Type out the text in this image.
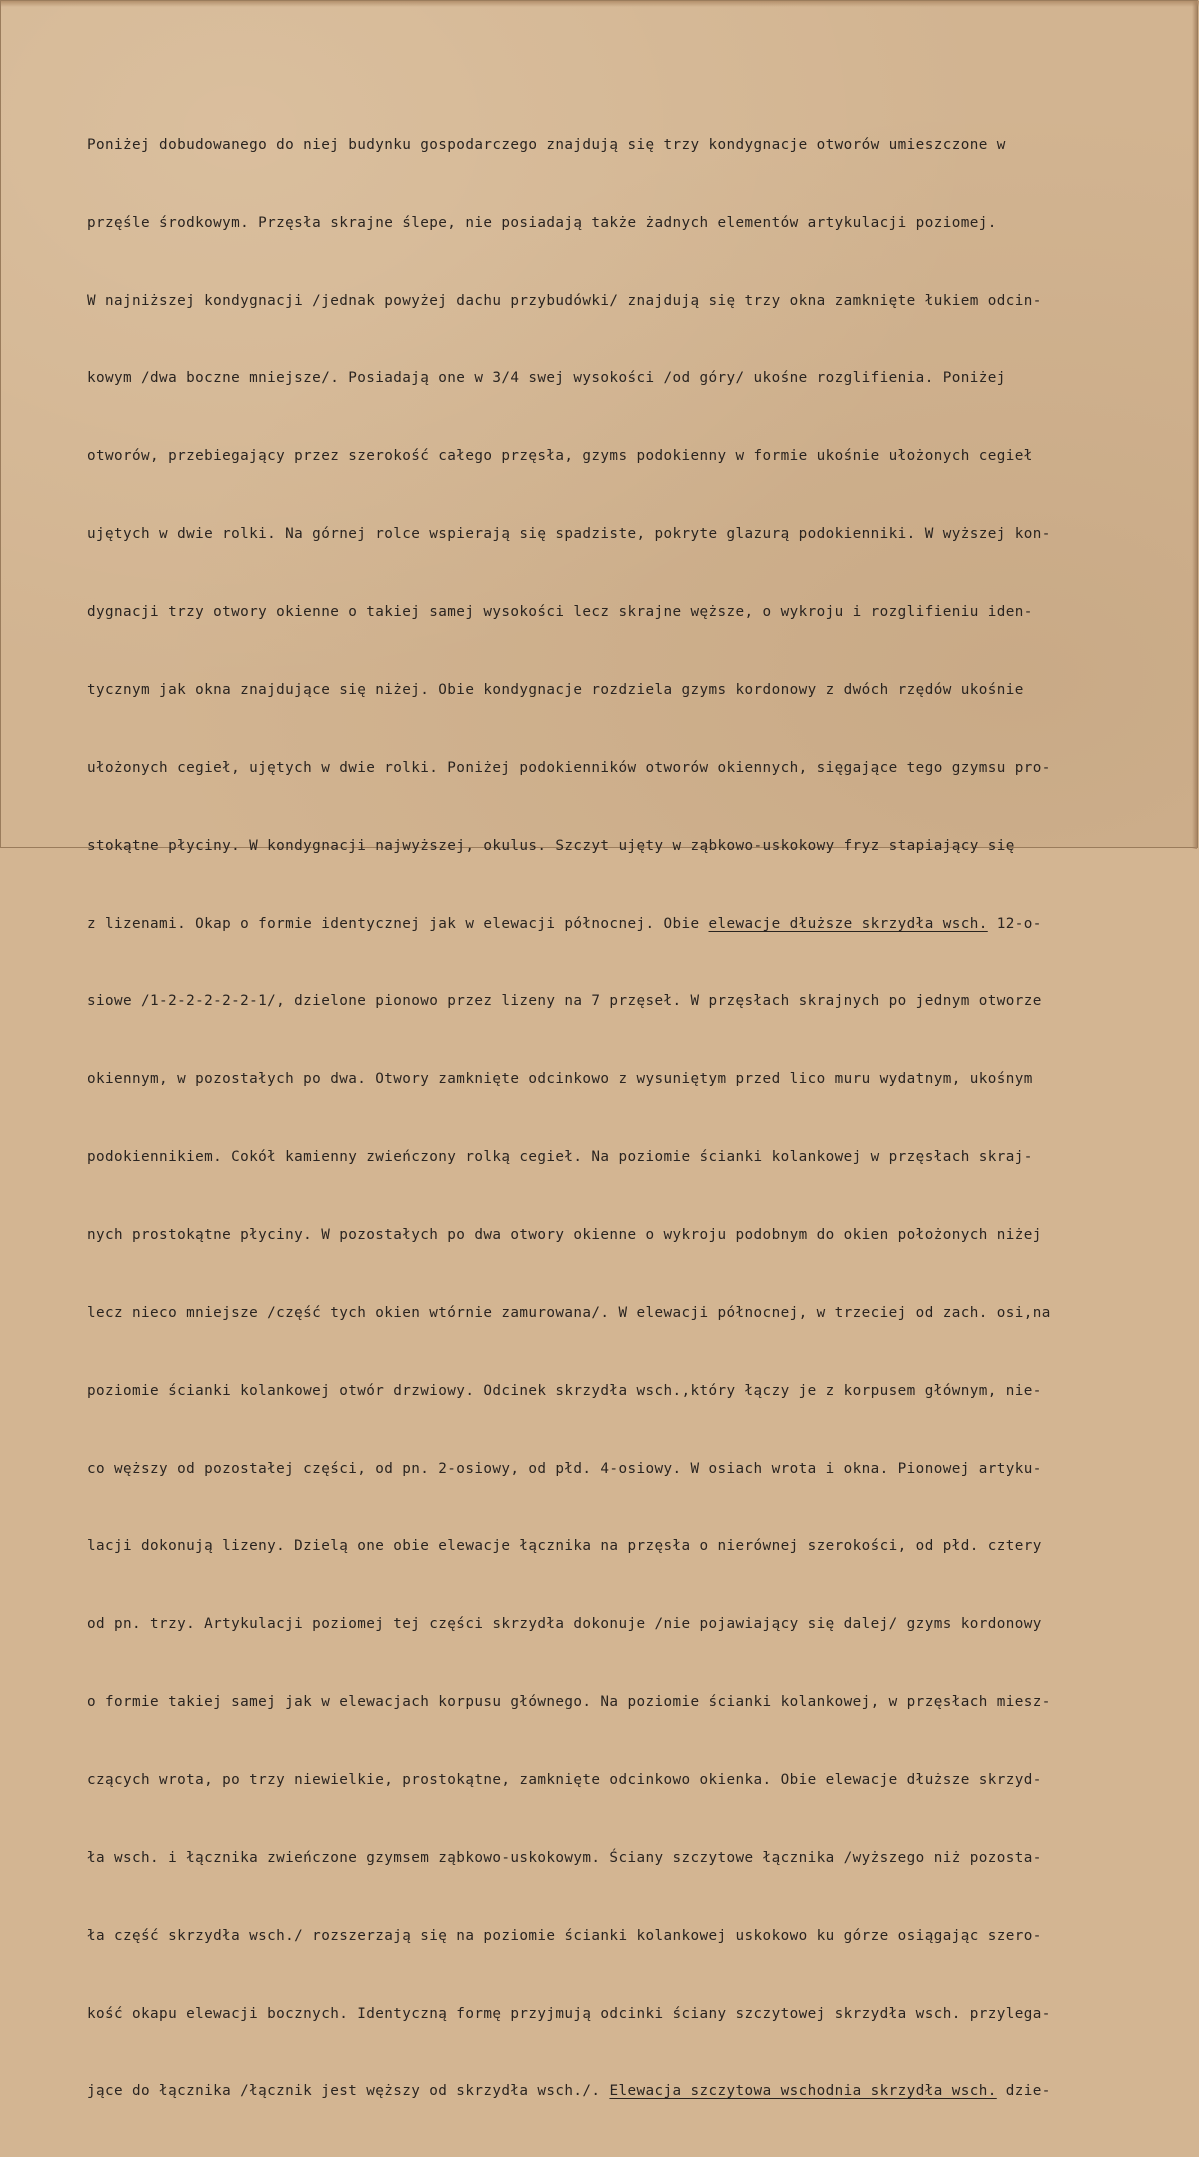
Poniżej dobudowanego do niej budynku gospodarczego znajdują się trzy kondygnacje otworów umieszczone w

przęśle środkowym. Przęsła skrajne ślepe, nie posiadają także żadnych elementów artykulacji poziomej.

W najniższej kondygnacji /jednak powyżej dachu przybudówki/ znajdują się trzy okna zamknięte łukiem odcin-

kowym /dwa boczne mniejsze/. Posiadają one w 3/4 swej wysokości /od góry/ ukośne rozglifienia. Poniżej

otworów, przebiegający przez szerokość całego przęsła, gzyms podokienny w formie ukośnie ułożonych cegieł

ujętych w dwie rolki. Na górnej rolce wspierają się spadziste, pokryte glazurą podokienniki. W wyższej kon-

dygnacji trzy otwory okienne o takiej samej wysokości lecz skrajne węższe, o wykroju i rozglifieniu iden-

tycznym jak okna znajdujące się niżej. Obie kondygnacje rozdziela gzyms kordonowy z dwóch rzędów ukośnie

ułożonych cegieł, ujętych w dwie rolki. Poniżej podokienników otworów okiennych, sięgające tego gzymsu pro-

stokątne płyciny. W kondygnacji najwyższej, okulus. Szczyt ujęty w ząbkowo-uskokowy fryz stapiający się

z lizenami. Okap o formie identycznej jak w elewacji północnej. Obie elewacje dłuższe skrzydła wsch. 12-o-

siowe /1-2-2-2-2-2-1/, dzielone pionowo przez lizeny na 7 przęseł. W przęsłach skrajnych po jednym otworze

okiennym, w pozostałych po dwa. Otwory zamknięte odcinkowo z wysuniętym przed lico muru wydatnym, ukośnym

podokiennikiem. Cokół kamienny zwieńczony rolką cegieł. Na poziomie ścianki kolankowej w przęsłach skraj-

nych prostokątne płyciny. W pozostałych po dwa otwory okienne o wykroju podobnym do okien położonych niżej

lecz nieco mniejsze /część tych okien wtórnie zamurowana/. W elewacji północnej, w trzeciej od zach. osi,na

poziomie ścianki kolankowej otwór drzwiowy. Odcinek skrzydła wsch.,który łączy je z korpusem głównym, nie-

co węższy od pozostałej części, od pn. 2-osiowy, od płd. 4-osiowy. W osiach wrota i okna. Pionowej artyku-

lacji dokonują lizeny. Dzielą one obie elewacje łącznika na przęsła o nierównej szerokości, od płd. cztery

od pn. trzy. Artykulacji poziomej tej części skrzydła dokonuje /nie pojawiający się dalej/ gzyms kordonowy

o formie takiej samej jak w elewacjach korpusu głównego. Na poziomie ścianki kolankowej, w przęsłach miesz-

czących wrota, po trzy niewielkie, prostokątne, zamknięte odcinkowo okienka. Obie elewacje dłuższe skrzyd-

ła wsch. i łącznika zwieńczone gzymsem ząbkowo-uskokowym. Ściany szczytowe łącznika /wyższego niż pozosta-

ła część skrzydła wsch./ rozszerzają się na poziomie ścianki kolankowej uskokowo ku górze osiągając szero-

kość okapu elewacji bocznych. Identyczną formę przyjmują odcinki ściany szczytowej skrzydła wsch. przylega-

jące do łącznika /łącznik jest węższy od skrzydła wsch./. Elewacja szczytowa wschodnia skrzydła wsch. dzie-
